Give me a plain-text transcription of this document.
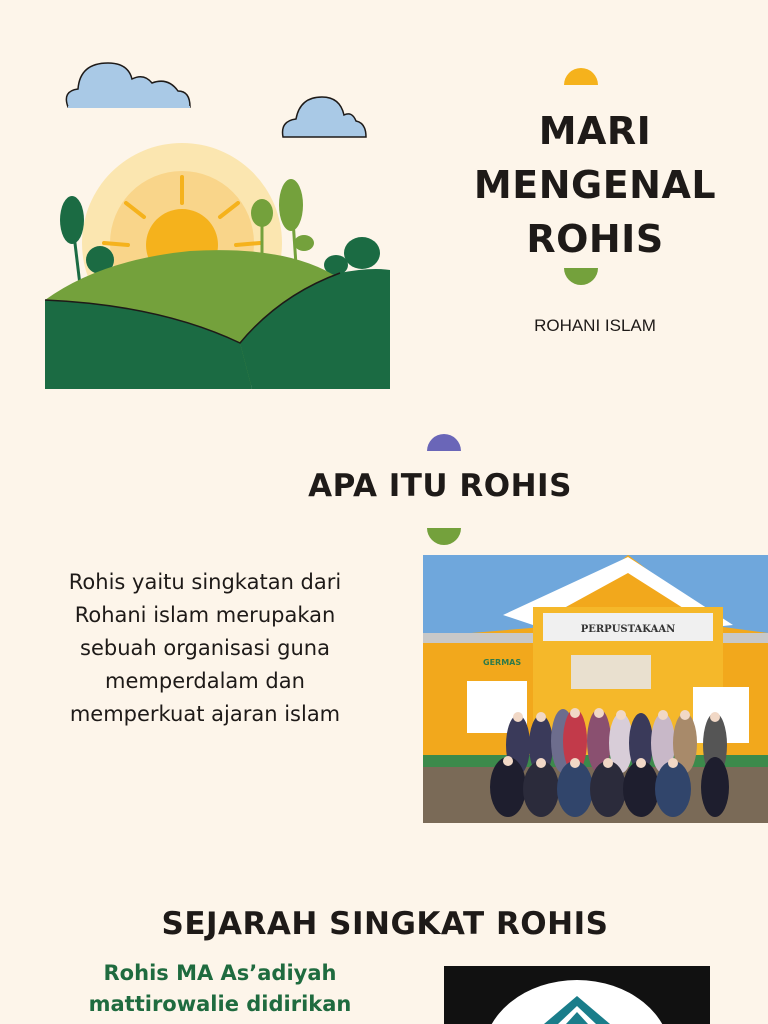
MARI
MENGENAL
ROHIS
ROHANI ISLAM
APA ITU ROHIS
Rohis yaitu singkatan dari
Rohani islam merupakan
sebuah organisasi guna
memperdalam dan
memperkuat ajaran islam
PERPUSTAKAAN
GERMAS
SEJARAH SINGKAT ROHIS
Rohis MA As’adiyah
mattirowalie didirikan
